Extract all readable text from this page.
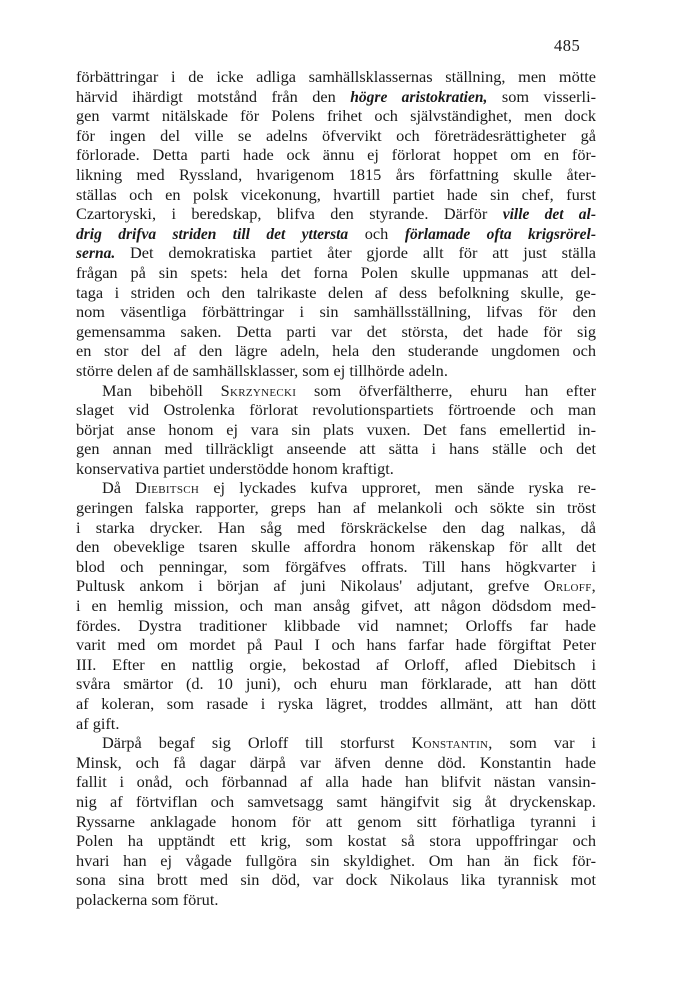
485
förbättringar i de icke adliga samhällsklassernas ställning, men mötte
härvid ihärdigt motstånd från den högre aristokratien, som visserli-
gen varmt nitälskade för Polens frihet och självständighet, men dock
för ingen del ville se adelns öfvervikt och företrädesrättigheter gå
förlorade. Detta parti hade ock ännu ej förlorat hoppet om en för-
likning med Ryssland, hvarigenom 1815 års författning skulle åter-
ställas och en polsk vicekonung, hvartill partiet hade sin chef, furst
Czartoryski, i beredskap, blifva den styrande. Därför ville det al-
drig drifva striden till det yttersta och förlamade ofta krigsrörel-
serna. Det demokratiska partiet åter gjorde allt för att just ställa
frågan på sin spets: hela det forna Polen skulle uppmanas att del-
taga i striden och den talrikaste delen af dess befolkning skulle, ge-
nom väsentliga förbättringar i sin samhällsställning, lifvas för den
gemensamma saken. Detta parti var det största, det hade för sig
en stor del af den lägre adeln, hela den studerande ungdomen och
större delen af de samhällsklasser, som ej tillhörde adeln.
Man bibehöll Skrzynecki som öfverfältherre, ehuru han efter
slaget vid Ostrolenka förlorat revolutionspartiets förtroende och man
börjat anse honom ej vara sin plats vuxen. Det fans emellertid in-
gen annan med tillräckligt anseende att sätta i hans ställe och det
konservativa partiet understödde honom kraftigt.
Då Diebitsch ej lyckades kufva upproret, men sände ryska re-
geringen falska rapporter, greps han af melankoli och sökte sin tröst
i starka drycker. Han såg med förskräckelse den dag nalkas, då
den obeveklige tsaren skulle affordra honom räkenskap för allt det
blod och penningar, som förgäfves offrats. Till hans högkvarter i
Pultusk ankom i början af juni Nikolaus' adjutant, grefve Orloff,
i en hemlig mission, och man ansåg gifvet, att någon dödsdom med-
fördes. Dystra traditioner klibbade vid namnet; Orloffs far hade
varit med om mordet på Paul I och hans farfar hade förgiftat Peter
III. Efter en nattlig orgie, bekostad af Orloff, afled Diebitsch i
svåra smärtor (d. 10 juni), och ehuru man förklarade, att han dött
af koleran, som rasade i ryska lägret, troddes allmänt, att han dött
af gift.
Därpå begaf sig Orloff till storfurst Konstantin, som var i
Minsk, och få dagar därpå var äfven denne död. Konstantin hade
fallit i onåd, och förbannad af alla hade han blifvit nästan vansin-
nig af förtviflan och samvetsagg samt hängifvit sig åt dryckenskap.
Ryssarne anklagade honom för att genom sitt förhatliga tyranni i
Polen ha upptändt ett krig, som kostat så stora uppoffringar och
hvari han ej vågade fullgöra sin skyldighet. Om han än fick för-
sona sina brott med sin död, var dock Nikolaus lika tyrannisk mot
polackerna som förut.
